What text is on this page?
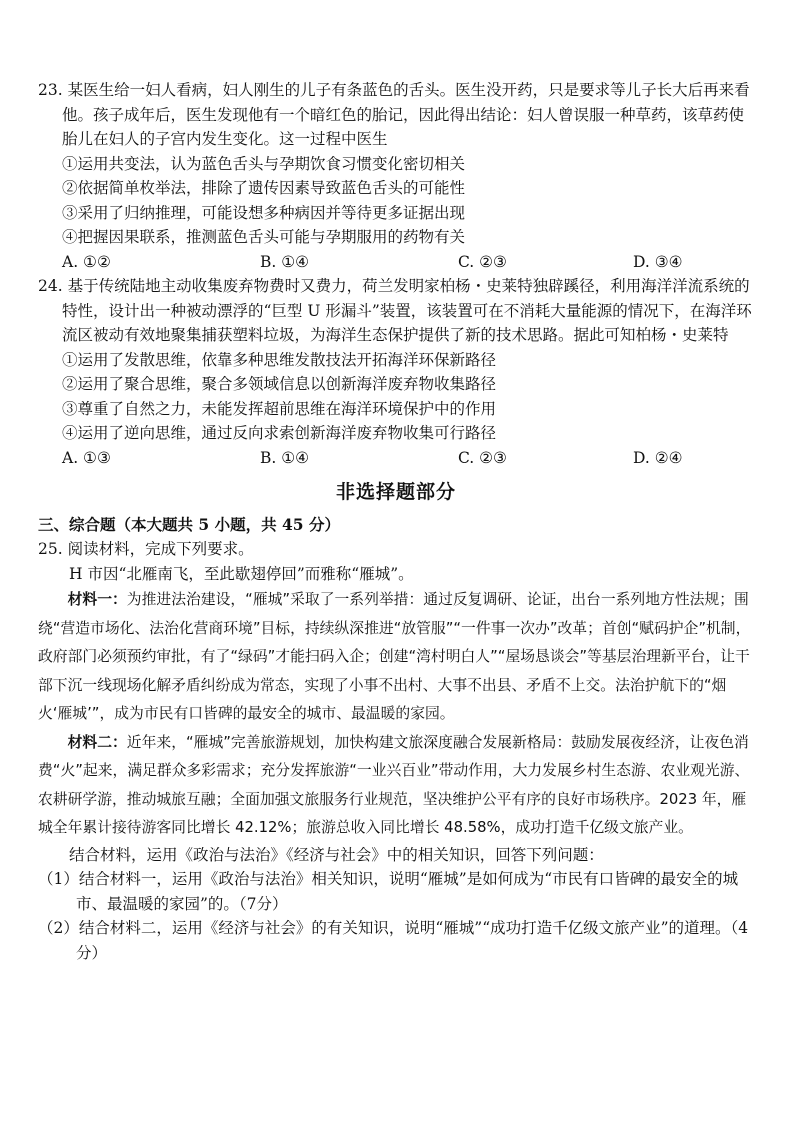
23. 某医生给一妇人看病，妇人刚生的儿子有条蓝色的舌头。医生没开药，只是要求等儿子长大后再来看他。孩子成年后，医生发现他有一个暗红色的胎记，因此得出结论：妇人曾误服一种草药，该草药使胎儿在妇人的子宫内发生变化。这一过程中医生

①运用共变法，认为蓝色舌头与孕期饮食习惯变化密切相关

②依据简单枚举法，排除了遗传因素导致蓝色舌头的可能性

③采用了归纳推理，可能设想多种病因并等待更多证据出现

④把握因果联系，推测蓝色舌头可能与孕期服用的药物有关

A. ①②	B. ①④	C. ②③	D. ③④

24. 基于传统陆地主动收集废弃物费时又费力，荷兰发明家柏杨・史莱特独辟蹊径，利用海洋洋流系统的特性，设计出一种被动漂浮的“巨型 U 形漏斗”装置，该装置可在不消耗大量能源的情况下，在海洋环流区被动有效地聚集捕获塑料垃圾，为海洋生态保护提供了新的技术思路。据此可知柏杨・史莱特

①运用了发散思维，依靠多种思维发散技法开拓海洋环保新路径

②运用了聚合思维，聚合多领域信息以创新海洋废弃物收集路径

③尊重了自然之力，未能发挥超前思维在海洋环境保护中的作用

④运用了逆向思维，通过反向求索创新海洋废弃物收集可行路径

A. ①③	B. ①④	C. ②③	D. ②④
非选择题部分

三、综合题（本大题共 5 小题，共 45 分）

25. 阅读材料，完成下列要求。

H 市因“北雁南飞，至此歇翅停回”而雅称“雁城”。

材料一：为推进法治建设，“雁城”采取了一系列举措：通过反复调研、论证，出台一系列地方性法规；围绕“营造市场化、法治化营商环境”目标，持续纵深推进“放管服”“一件事一次办”改革；首创“赋码护企”机制，政府部门必须预约审批，有了“绿码”才能扫码入企；创建“湾村明白人”“屋场恳谈会”等基层治理新平台，让干部下沉一线现场化解矛盾纠纷成为常态，实现了小事不出村、大事不出县、矛盾不上交。法治护航下的“烟火‘雁城’”，成为市民有口皆碑的最安全的城市、最温暖的家园。

材料二：近年来，“雁城”完善旅游规划，加快构建文旅深度融合发展新格局：鼓励发展夜经济，让夜色消费“火”起来，满足群众多彩需求；充分发挥旅游“一业兴百业”带动作用，大力发展乡村生态游、农业观光游、农耕研学游，推动城旅互融；全面加强文旅服务行业规范，坚决维护公平有序的良好市场秩序。2023 年，雁城全年累计接待游客同比增长 42.12%；旅游总收入同比增长 48.58%，成功打造千亿级文旅产业。

结合材料，运用《政治与法治》《经济与社会》中的相关知识，回答下列问题：

（1）结合材料一，运用《政治与法治》相关知识，说明“雁城”是如何成为“市民有口皆碑的最安全的城市、最温暖的家园”的。（7分）

（2）结合材料二，运用《经济与社会》的有关知识，说明“雁城”“成功打造千亿级文旅产业”的道理。（4分）
